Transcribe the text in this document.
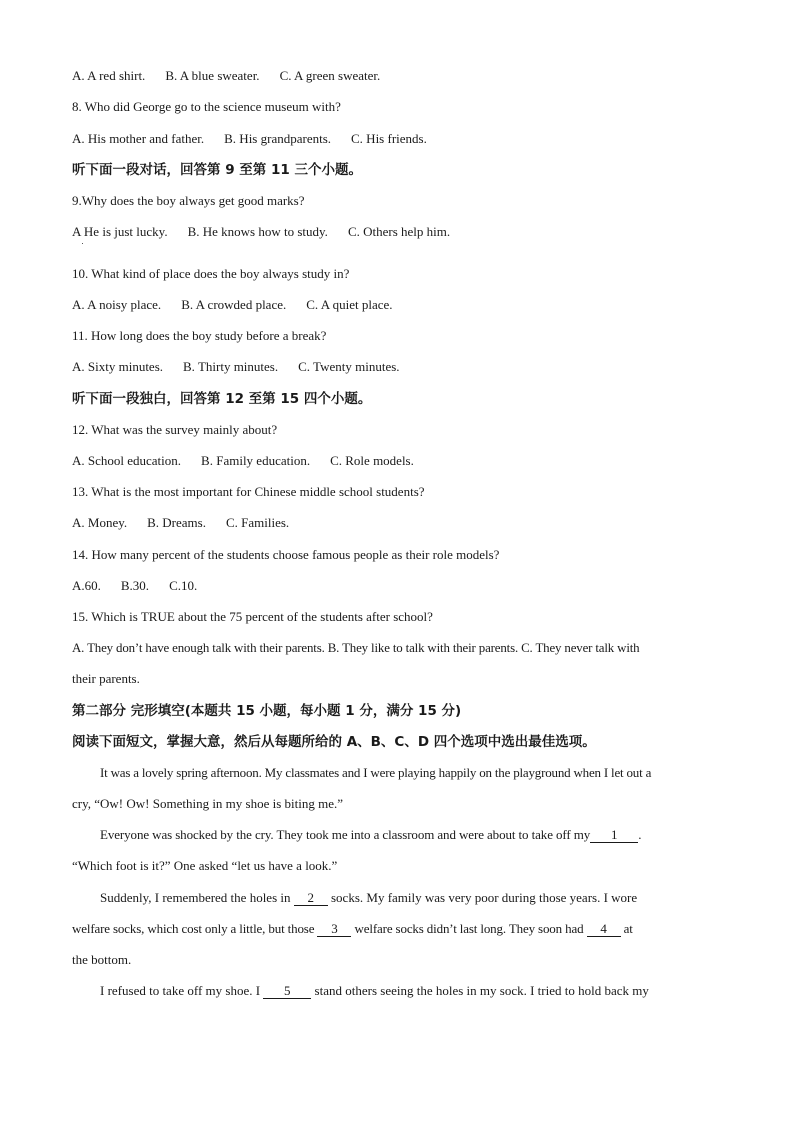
A. A red shirt. B. A blue sweater. C. A green sweater.
8. Who did George go to the science museum with?
A. His mother and father. B. His grandparents. C. His friends.
听下面一段对话，回答第 9 至第 11 三个小题。
9.Why does the boy always get good marks?
A He is just lucky. B. He knows how to study. C. Others help him.
10. What kind of place does the boy always study in?
A. A noisy place. B. A crowded place. C. A quiet place.
11. How long does the boy study before a break?
A. Sixty minutes. B. Thirty minutes. C. Twenty minutes.
听下面一段独白，回答第 12 至第 15 四个小题。
12. What was the survey mainly about?
A. School education. B. Family education. C. Role models.
13. What is the most important for Chinese middle school students?
A. Money. B. Dreams. C. Families.
14. How many percent of the students choose famous people as their role models?
A.60. B.30. C.10.
15. Which is TRUE about the 75 percent of the students after school?
A. They don’t have enough talk with their parents. B. They like to talk with their parents. C. They never talk with
their parents.
第二部分 完形填空(本题共 15 小题，每小题 1 分，满分 15 分)
阅读下面短文，掌握大意，然后从每题所给的 A、B、C、D 四个选项中选出最佳选项。
It was a lovely spring afternoon. My classmates and I were playing happily on the playground when I let out a
cry, “Ow! Ow! Something in my shoe is biting me.”
Everyone was shocked by the cry. They took me into a classroom and were about to take off my 1 .
“Which foot is it?” One asked “let us have a look.”
Suddenly, I remembered the holes in 2 socks. My family was very poor during those years. I wore
welfare socks, which cost only a little, but those 3 welfare socks didn’t last long. They soon had 4 at
the bottom.
I refused to take off my shoe. I 5 stand others seeing the holes in my sock. I tried to hold back my
